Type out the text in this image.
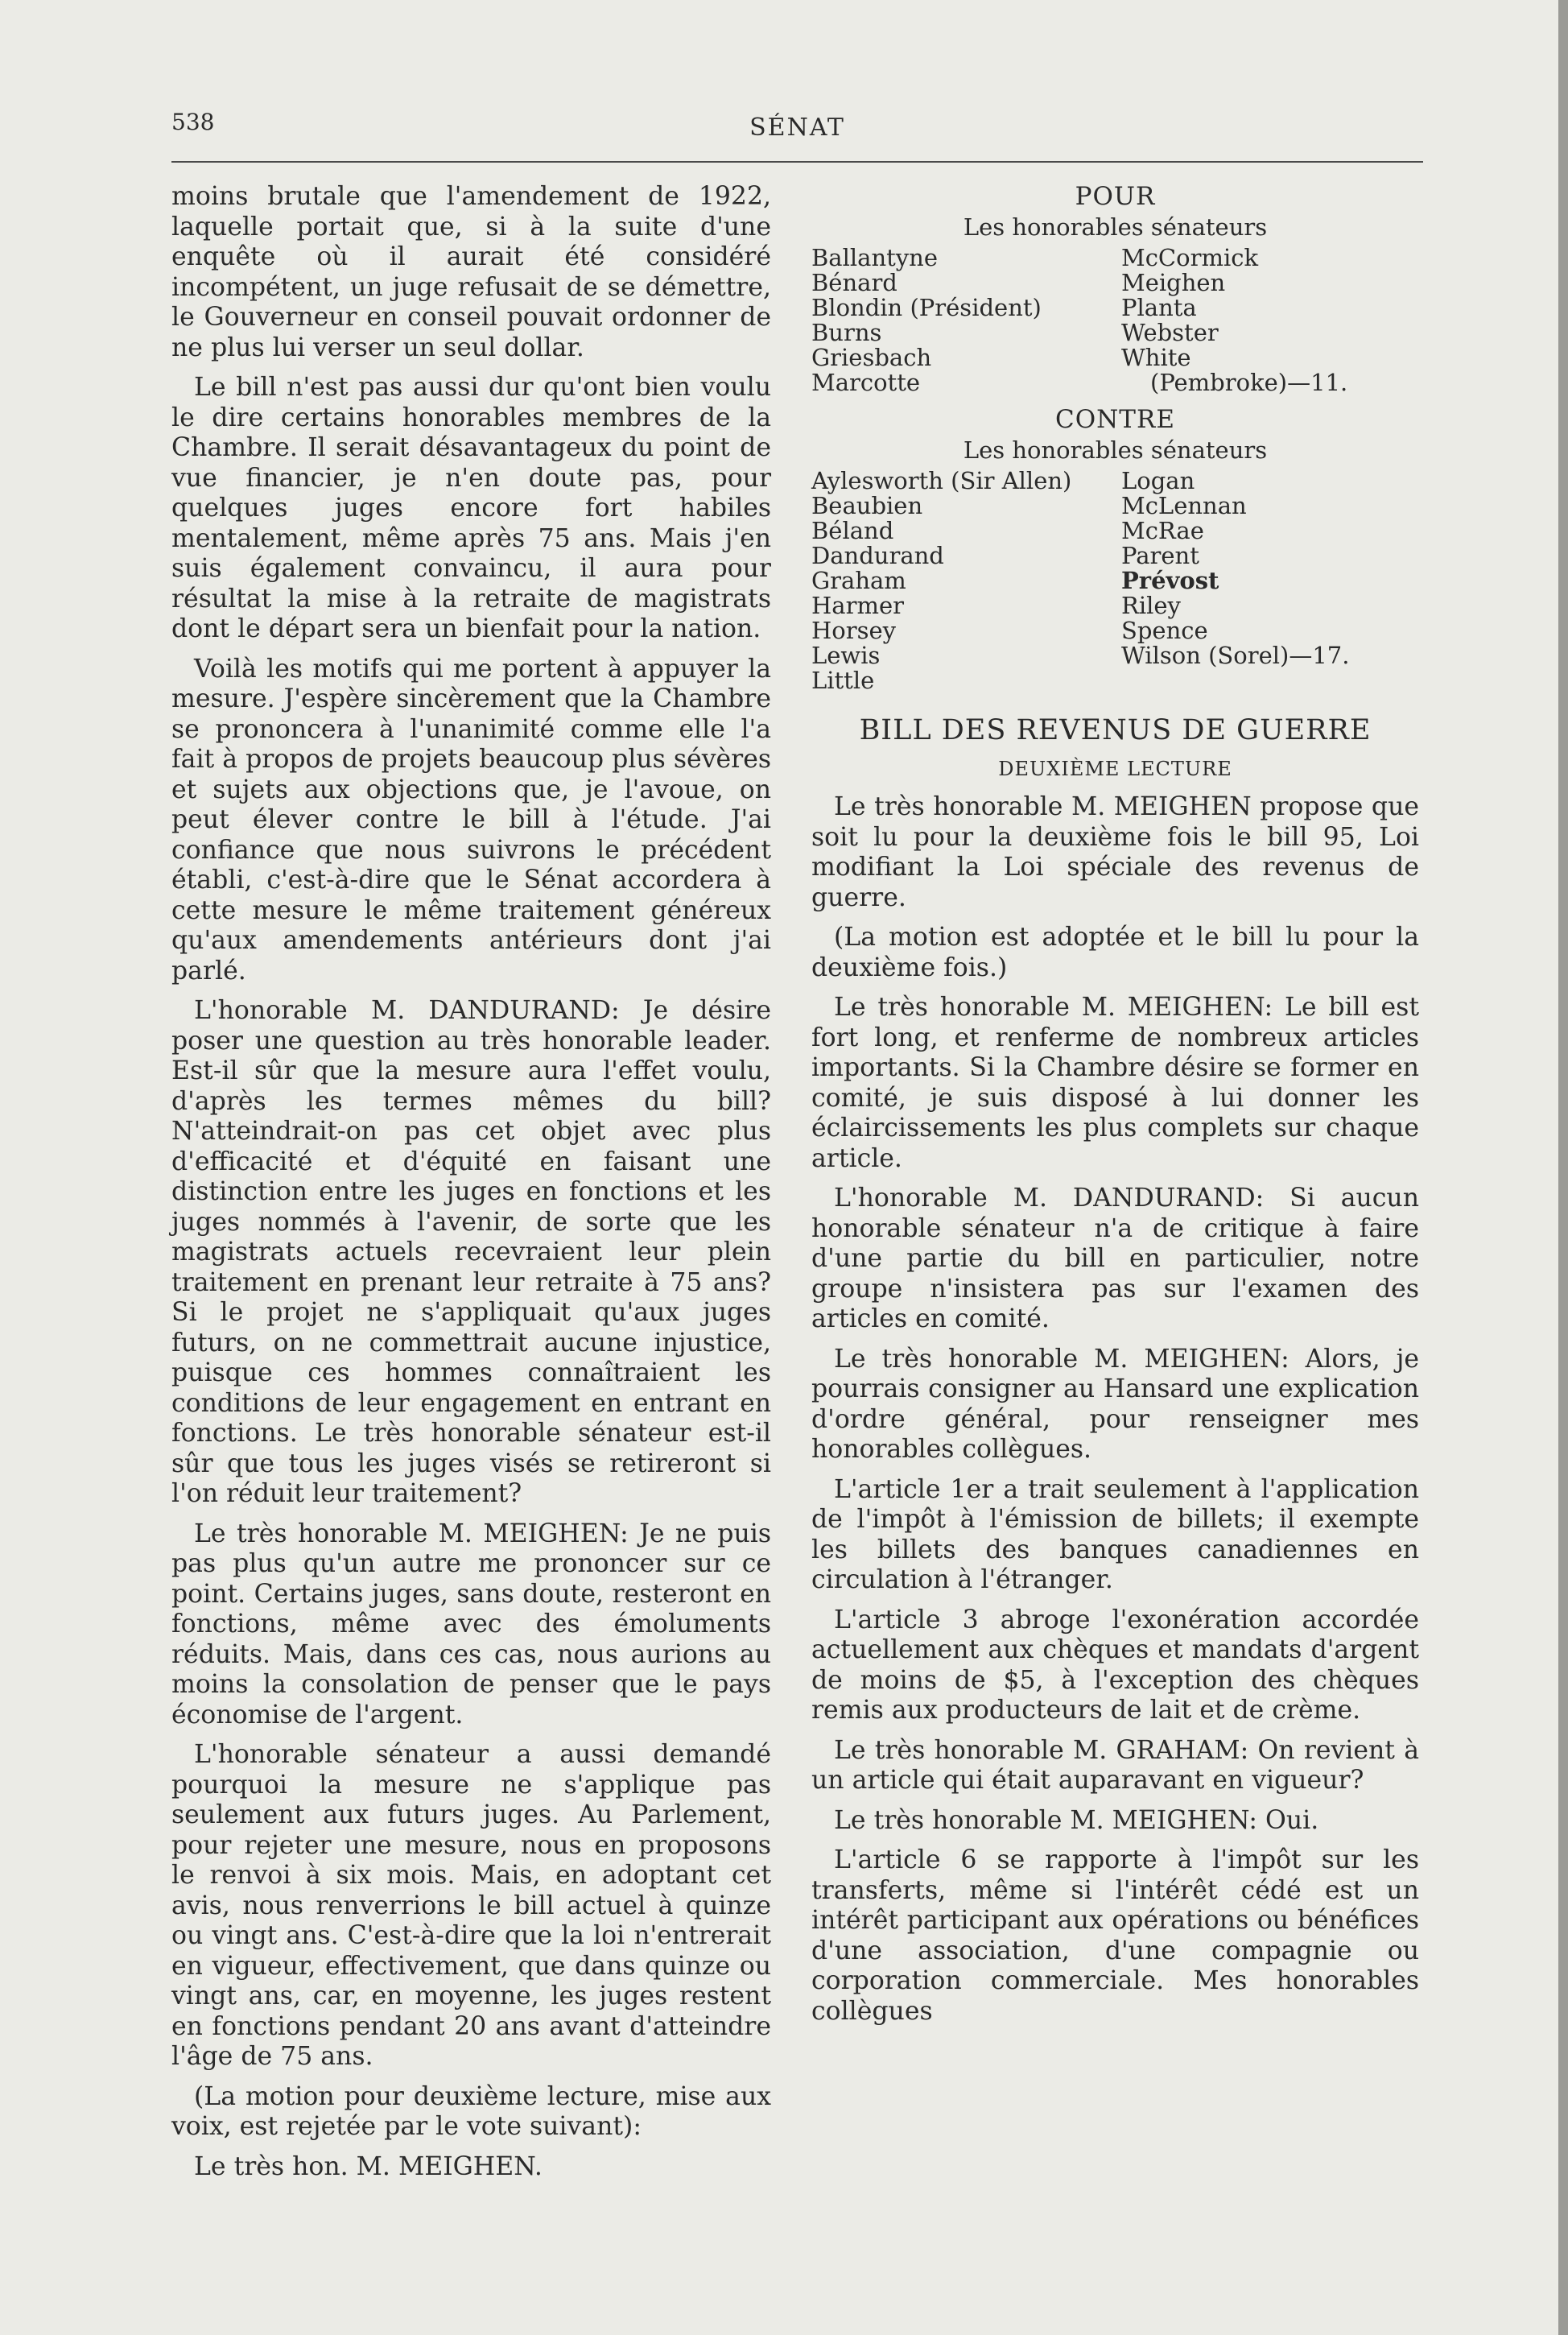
538	SÉNAT

moins brutale que l'amendement de 1922, laquelle portait que, si à la suite d'une enquête où il aurait été considéré incompétent, un juge refusait de se démettre, le Gouverneur en conseil pouvait ordonner de ne plus lui verser un seul dollar.

Le bill n'est pas aussi dur qu'ont bien voulu le dire certains honorables membres de la Chambre. Il serait désavantageux du point de vue financier, je n'en doute pas, pour quelques juges encore fort habiles mentalement, même après 75 ans. Mais j'en suis également convaincu, il aura pour résultat la mise à la retraite de magistrats dont le départ sera un bienfait pour la nation.

Voilà les motifs qui me portent à appuyer la mesure. J'espère sincèrement que la Chambre se prononcera à l'unanimité comme elle l'a fait à propos de projets beaucoup plus sévères et sujets aux objections que, je l'avoue, on peut élever contre le bill à l'étude. J'ai confiance que nous suivrons le précédent établi, c'est-à-dire que le Sénat accordera à cette mesure le même traitement généreux qu'aux amendements antérieurs dont j'ai parlé.

L'honorable M. DANDURAND: Je désire poser une question au très honorable leader. Est-il sûr que la mesure aura l'effet voulu, d'après les termes mêmes du bill? N'atteindrait-on pas cet objet avec plus d'efficacité et d'équité en faisant une distinction entre les juges en fonctions et les juges nommés à l'avenir, de sorte que les magistrats actuels recevraient leur plein traitement en prenant leur retraite à 75 ans? Si le projet ne s'appliquait qu'aux juges futurs, on ne commettrait aucune injustice, puisque ces hommes connaîtraient les conditions de leur engagement en entrant en fonctions. Le très honorable sénateur est-il sûr que tous les juges visés se retireront si l'on réduit leur traitement?

Le très honorable M. MEIGHEN: Je ne puis pas plus qu'un autre me prononcer sur ce point. Certains juges, sans doute, resteront en fonctions, même avec des émoluments réduits. Mais, dans ces cas, nous aurions au moins la consolation de penser que le pays économise de l'argent.

L'honorable sénateur a aussi demandé pourquoi la mesure ne s'applique pas seulement aux futurs juges. Au Parlement, pour rejeter une mesure, nous en proposons le renvoi à six mois. Mais, en adoptant cet avis, nous renverrions le bill actuel à quinze ou vingt ans. C'est-à-dire que la loi n'entrerait en vigueur, effectivement, que dans quinze ou vingt ans, car, en moyenne, les juges restent en fonctions pendant 20 ans avant d'atteindre l'âge de 75 ans.

(La motion pour deuxième lecture, mise aux voix, est rejetée par le vote suivant):

Le très hon. M. MEIGHEN.

POUR
Les honorables sénateurs
Ballantyne
Bénard
Blondin (Président)
Burns
Griesbach
Marcotte
McCormick
Meighen
Planta
Webster
White
(Pembroke)—11.
CONTRE
Les honorables sénateurs
Aylesworth (Sir Allen)
Beaubien
Béland
Dandurand
Graham
Harmer
Horsey
Lewis
Little
Logan
McLennan
McRae
Parent
Prévost
Riley
Spence
Wilson (Sorel)—17.
BILL DES REVENUS DE GUERRE
DEUXIÈME LECTURE

Le très honorable M. MEIGHEN propose que soit lu pour la deuxième fois le bill 95, Loi modifiant la Loi spéciale des revenus de guerre.

(La motion est adoptée et le bill lu pour la deuxième fois.)

Le très honorable M. MEIGHEN: Le bill est fort long, et renferme de nombreux articles importants. Si la Chambre désire se former en comité, je suis disposé à lui donner les éclaircissements les plus complets sur chaque article.

L'honorable M. DANDURAND: Si aucun honorable sénateur n'a de critique à faire d'une partie du bill en particulier, notre groupe n'insistera pas sur l'examen des articles en comité.

Le très honorable M. MEIGHEN: Alors, je pourrais consigner au Hansard une explication d'ordre général, pour renseigner mes honorables collègues.

L'article 1er a trait seulement à l'application de l'impôt à l'émission de billets; il exempte les billets des banques canadiennes en circulation à l'étranger.

L'article 3 abroge l'exonération accordée actuellement aux chèques et mandats d'argent de moins de $5, à l'exception des chèques remis aux producteurs de lait et de crème.

Le très honorable M. GRAHAM: On revient à un article qui était auparavant en vigueur?

Le très honorable M. MEIGHEN: Oui.

L'article 6 se rapporte à l'impôt sur les transferts, même si l'intérêt cédé est un intérêt participant aux opérations ou bénéfices d'une association, d'une compagnie ou corporation commerciale. Mes honorables collègues
